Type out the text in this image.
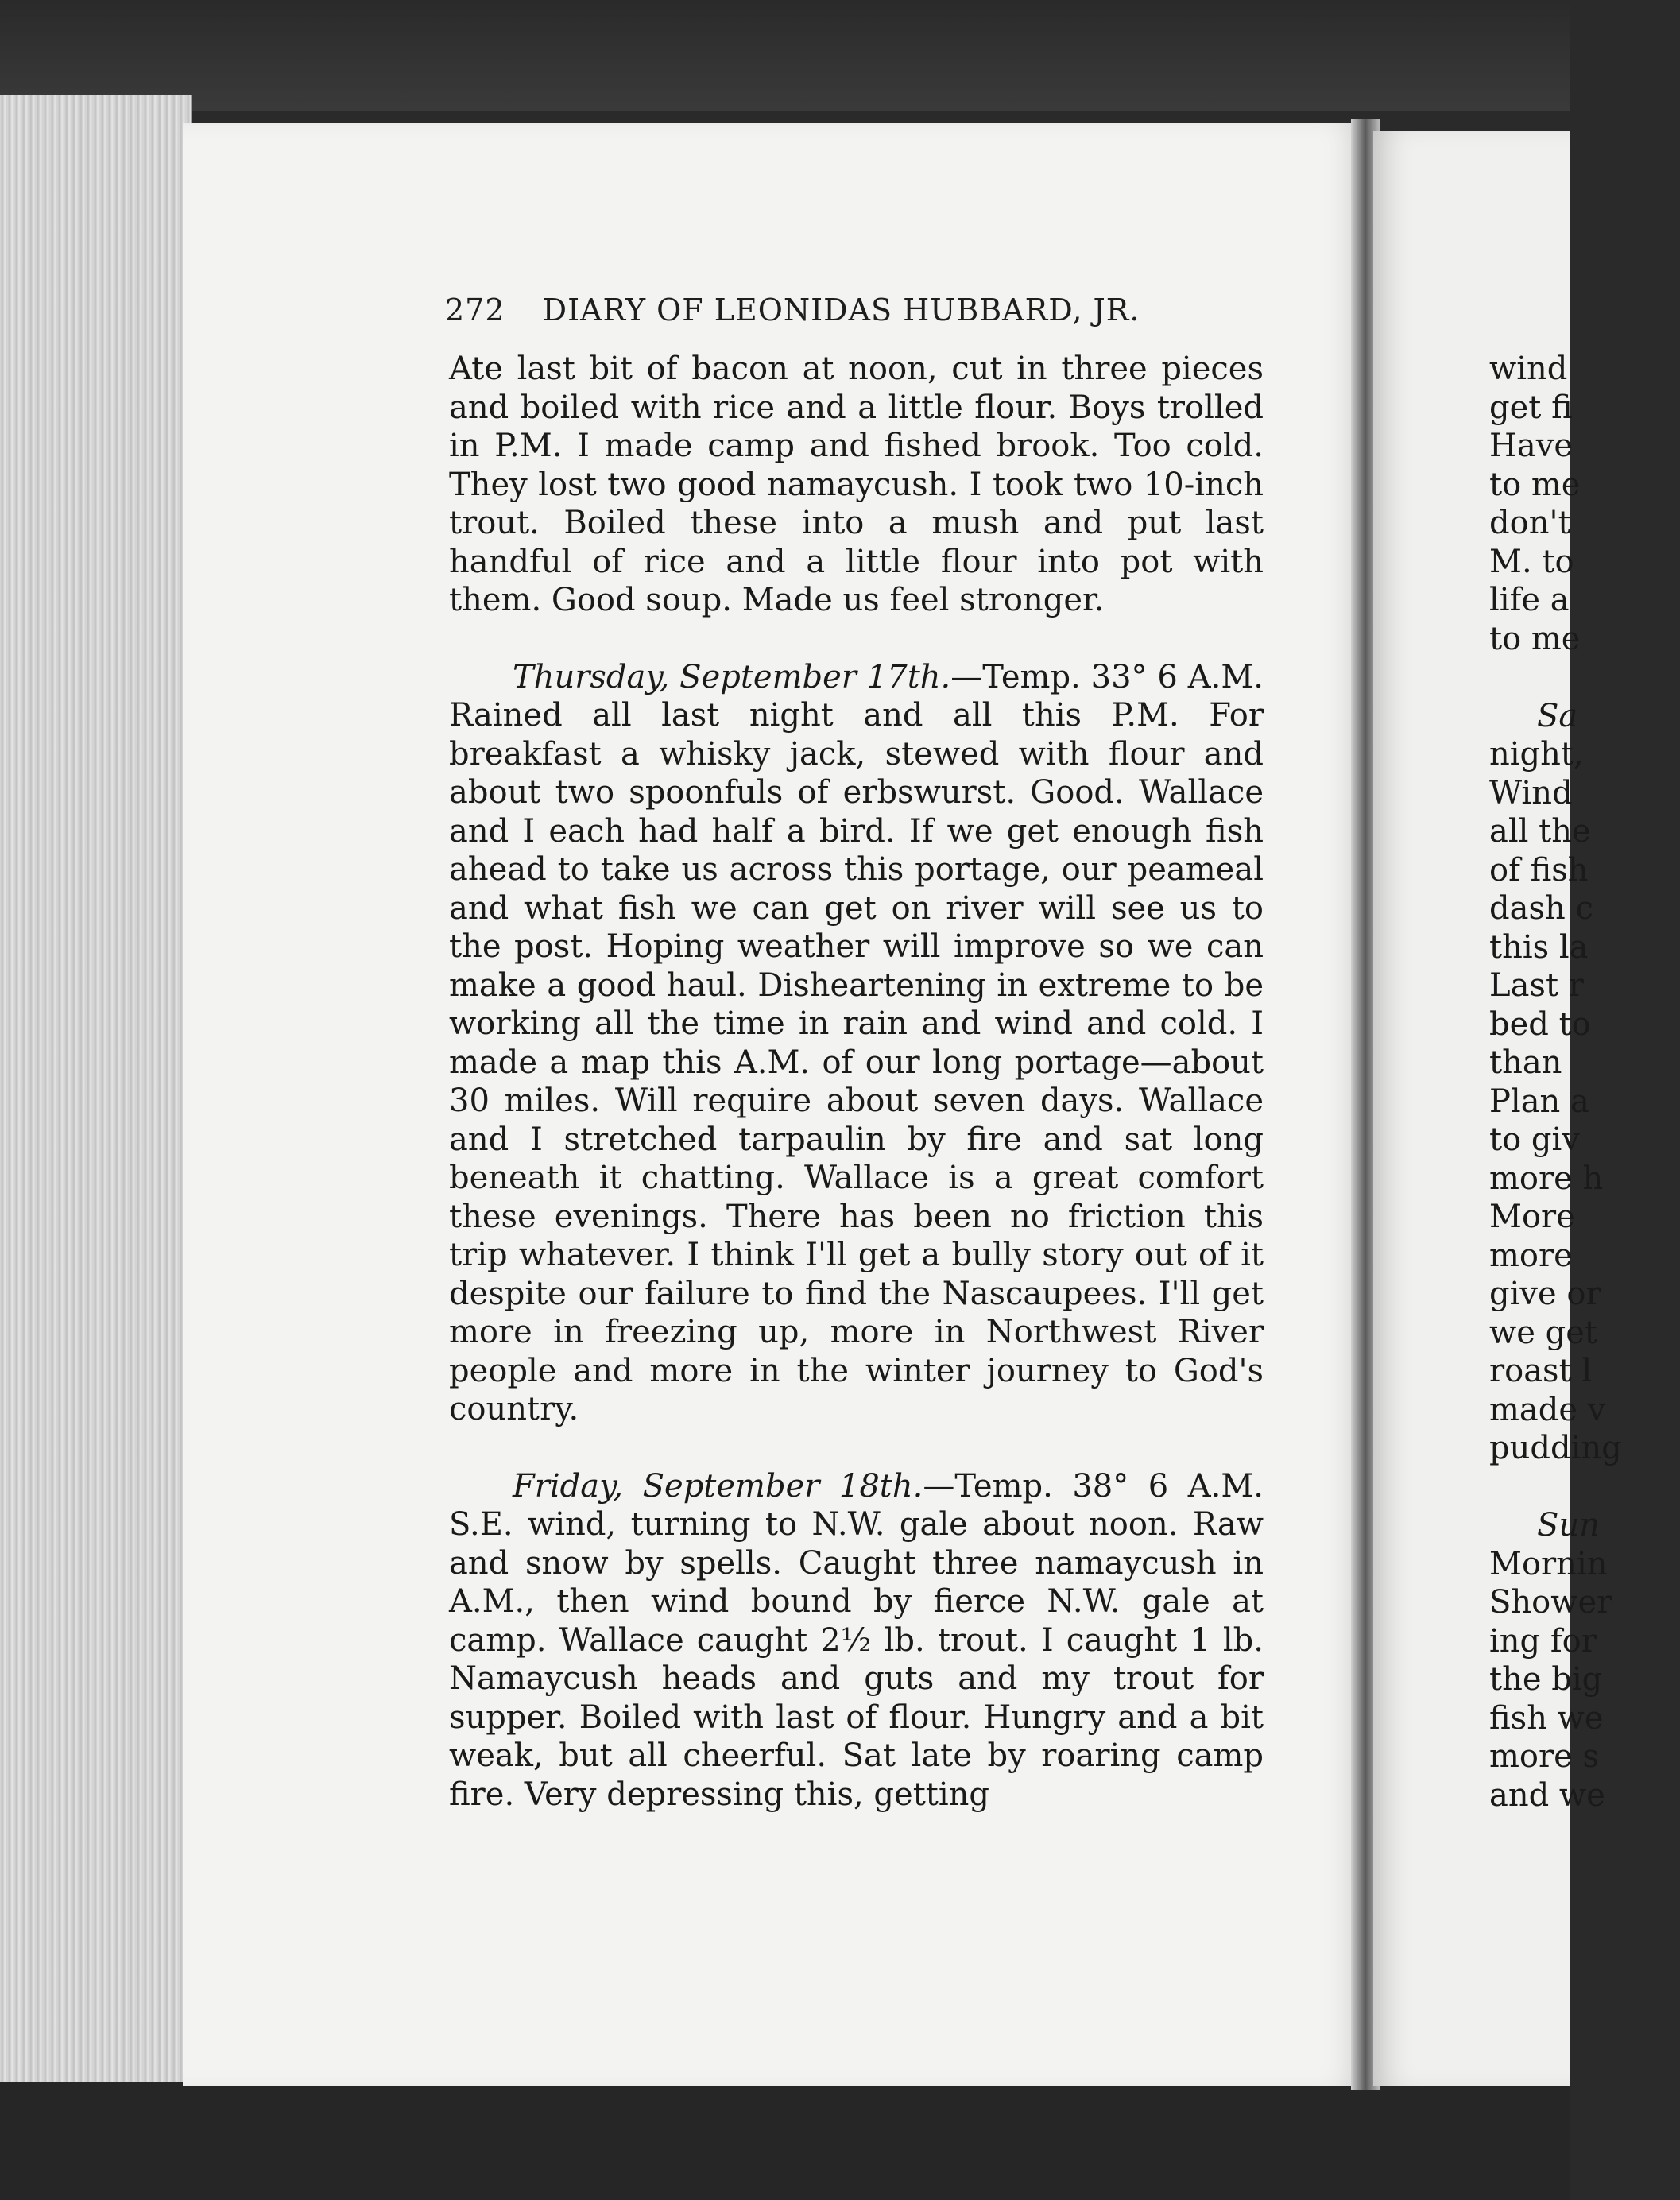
272 DIARY OF LEONIDAS HUBBARD, JR.

Ate last bit of bacon at noon, cut in three pieces and boiled with rice and a little flour. Boys trolled in P.M. I made camp and fished brook. Too cold. They lost two good namaycush. I took two 10-inch trout. Boiled these into a mush and put last handful of rice and a little flour into pot with them. Good soup. Made us feel stronger.

Thursday, September 17th.—Temp. 33° 6 A.M. Rained all last night and all this P.M. For breakfast a whisky jack, stewed with flour and about two spoonfuls of erbswurst. Good. Wallace and I each had half a bird. If we get enough fish ahead to take us across this portage, our peameal and what fish we can get on river will see us to the post. Hoping weather will improve so we can make a good haul. Disheartening in extreme to be working all the time in rain and wind and cold. I made a map this A.M. of our long portage—about 30 miles. Will require about seven days. Wallace and I stretched tarpaulin by fire and sat long beneath it chatting. Wallace is a great comfort these evenings. There has been no friction this trip whatever. I think I'll get a bully story out of it despite our failure to find the Nascaupees. I'll get more in freezing up, more in Northwest River people and more in the winter journey to God's country.

Friday, September 18th.—Temp. 38° 6 A.M. S.E. wind, turning to N.W. gale about noon. Raw and snow by spells. Caught three namaycush in A.M., then wind bound by fierce N.W. gale at camp. Wallace caught 2½ lb. trout. I caught 1 lb. Namaycush heads and guts and my trout for supper. Boiled with last of flour. Hungry and a bit weak, but all cheerful. Sat late by roaring camp fire. Very depressing this, getting

wind
get fi
Have
to me
don't
M. to
life a
to me
Sa
night,
Wind
all the
of fish
dash c
this la
Last r
bed to
than
Plan a
to giv
more h
More
more
give or
we get
roast l
made v
pudding
Sun
Mornin
Shower
ing for
the big
fish we
more s
and we
